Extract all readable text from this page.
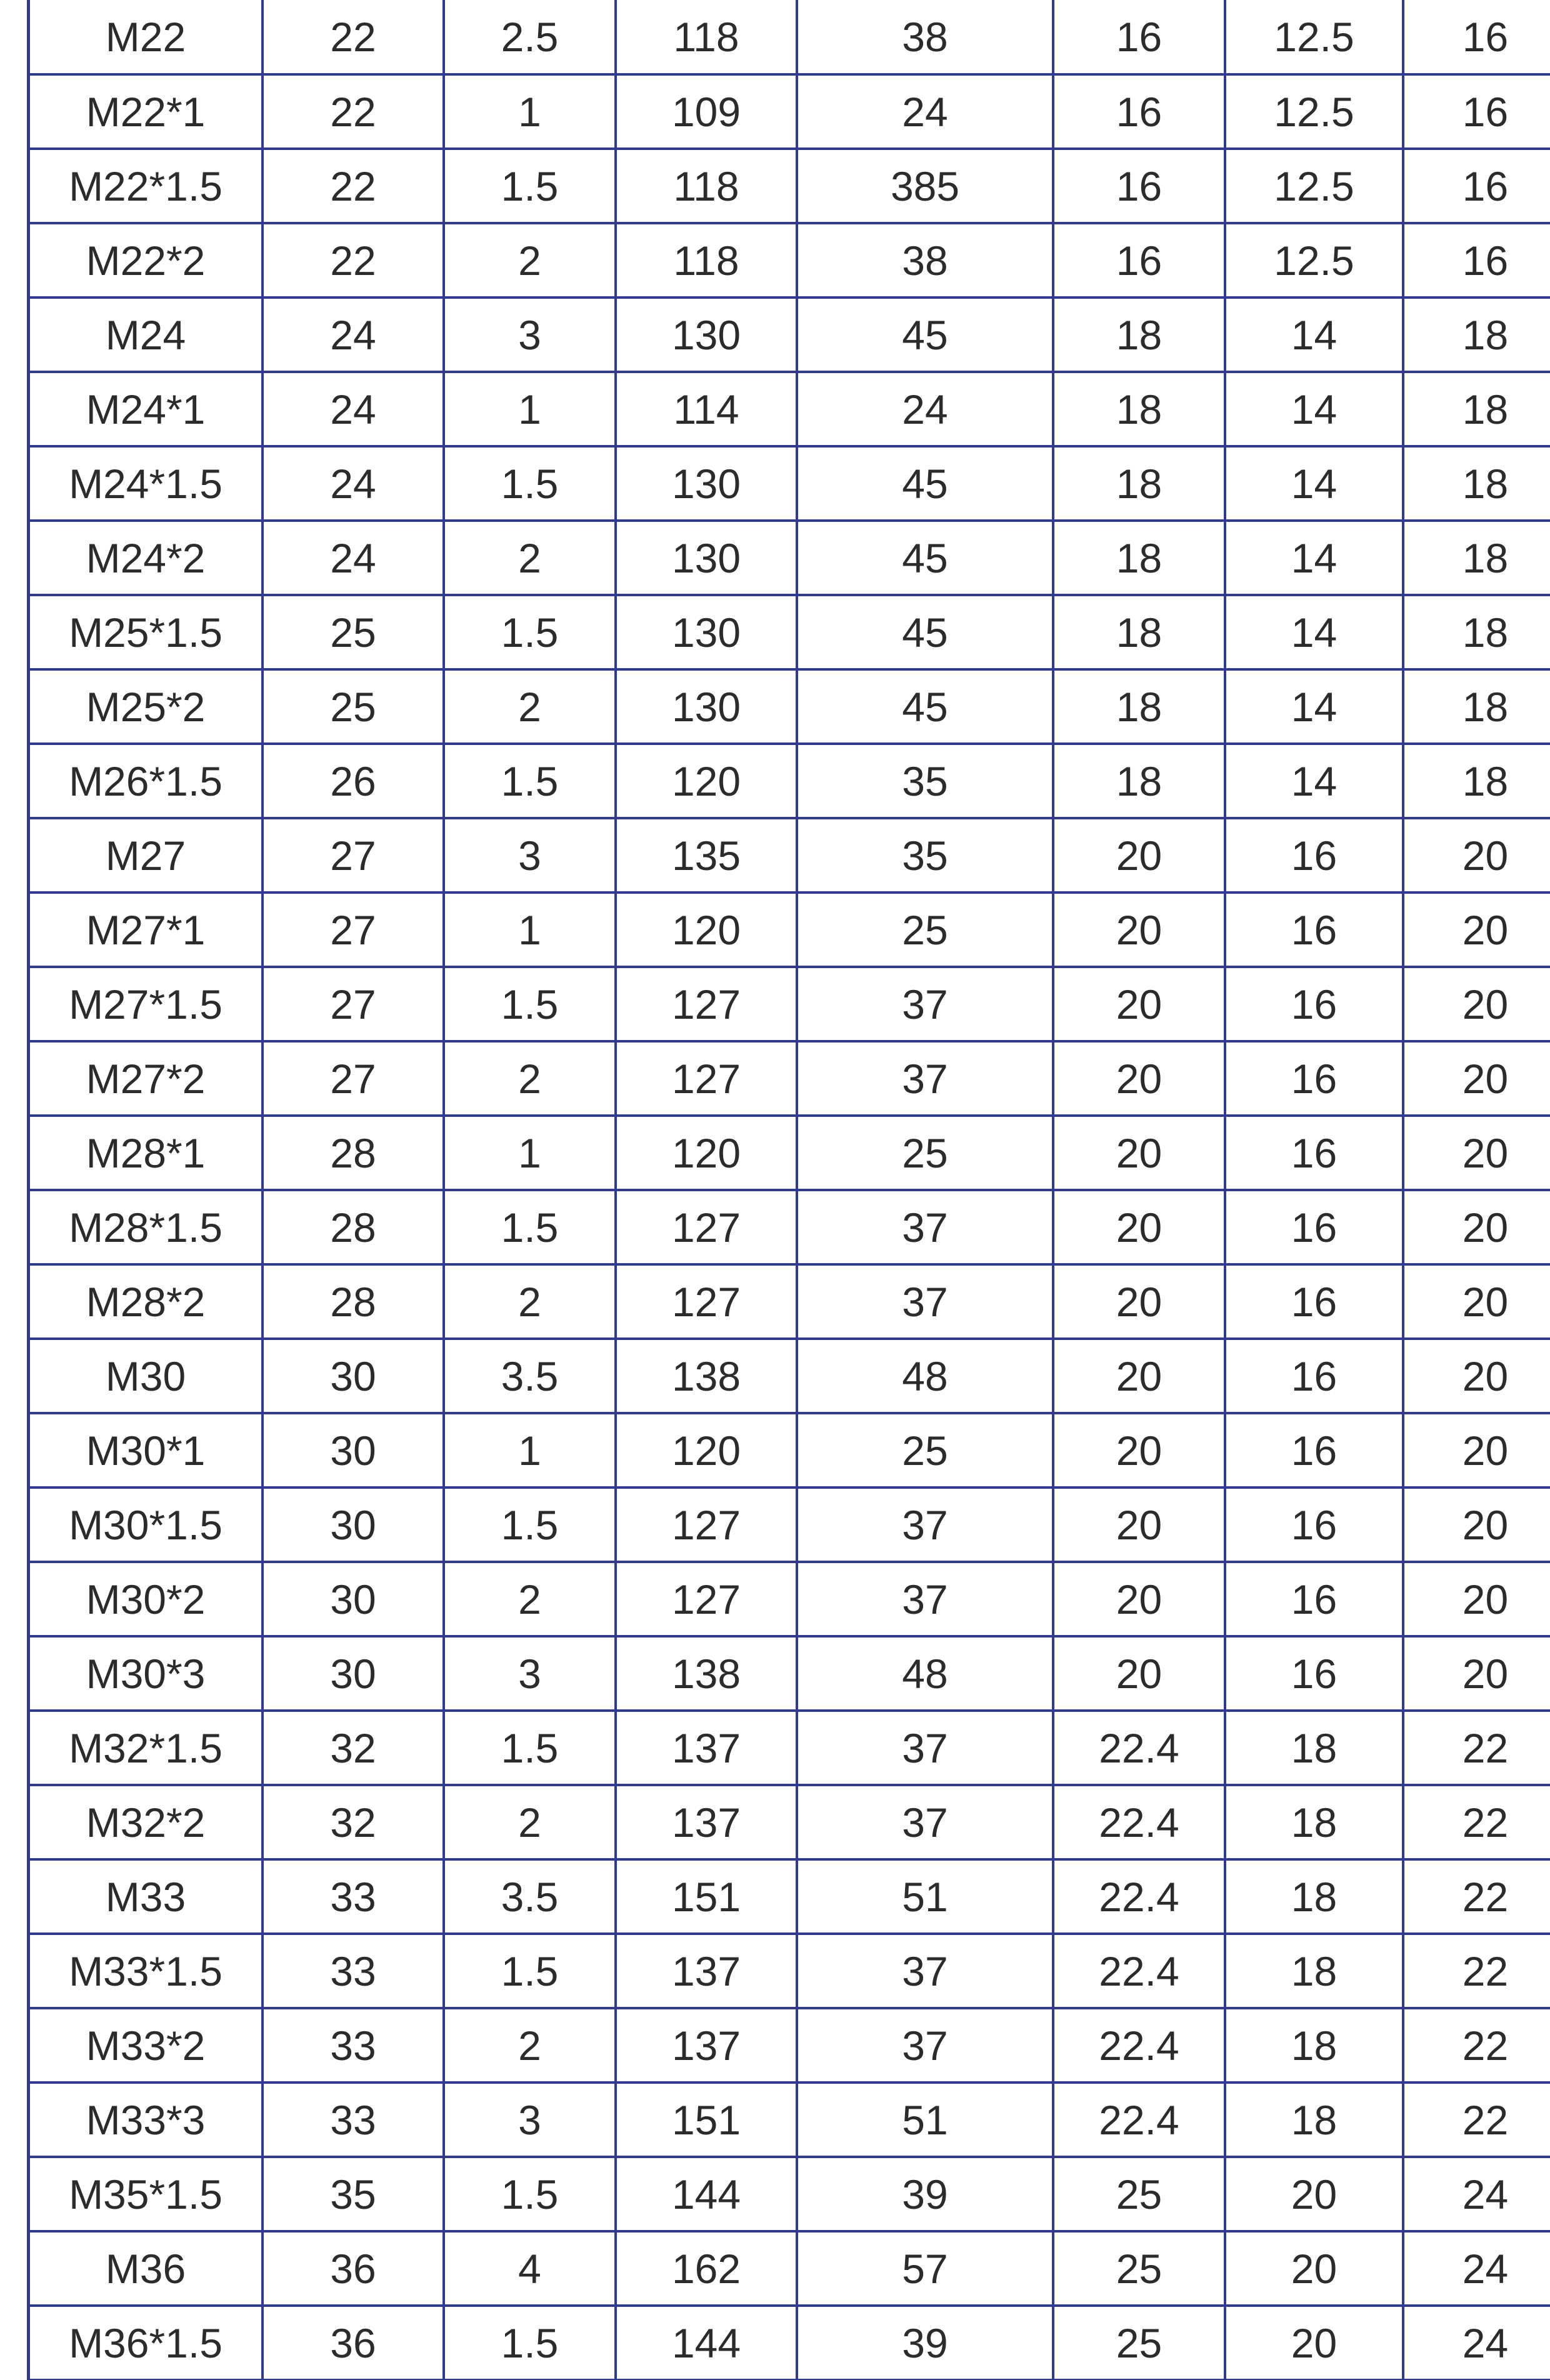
M22	22	2.5	118	38	16	12.5	16
M22*1	22	1	109	24	16	12.5	16
M22*1.5	22	1.5	118	385	16	12.5	16
M22*2	22	2	118	38	16	12.5	16
M24	24	3	130	45	18	14	18
M24*1	24	1	114	24	18	14	18
M24*1.5	24	1.5	130	45	18	14	18
M24*2	24	2	130	45	18	14	18
M25*1.5	25	1.5	130	45	18	14	18
M25*2	25	2	130	45	18	14	18
M26*1.5	26	1.5	120	35	18	14	18
M27	27	3	135	35	20	16	20
M27*1	27	1	120	25	20	16	20
M27*1.5	27	1.5	127	37	20	16	20
M27*2	27	2	127	37	20	16	20
M28*1	28	1	120	25	20	16	20
M28*1.5	28	1.5	127	37	20	16	20
M28*2	28	2	127	37	20	16	20
M30	30	3.5	138	48	20	16	20
M30*1	30	1	120	25	20	16	20
M30*1.5	30	1.5	127	37	20	16	20
M30*2	30	2	127	37	20	16	20
M30*3	30	3	138	48	20	16	20
M32*1.5	32	1.5	137	37	22.4	18	22
M32*2	32	2	137	37	22.4	18	22
M33	33	3.5	151	51	22.4	18	22
M33*1.5	33	1.5	137	37	22.4	18	22
M33*2	33	2	137	37	22.4	18	22
M33*3	33	3	151	51	22.4	18	22
M35*1.5	35	1.5	144	39	25	20	24
M36	36	4	162	57	25	20	24
M36*1.5	36	1.5	144	39	25	20	24
